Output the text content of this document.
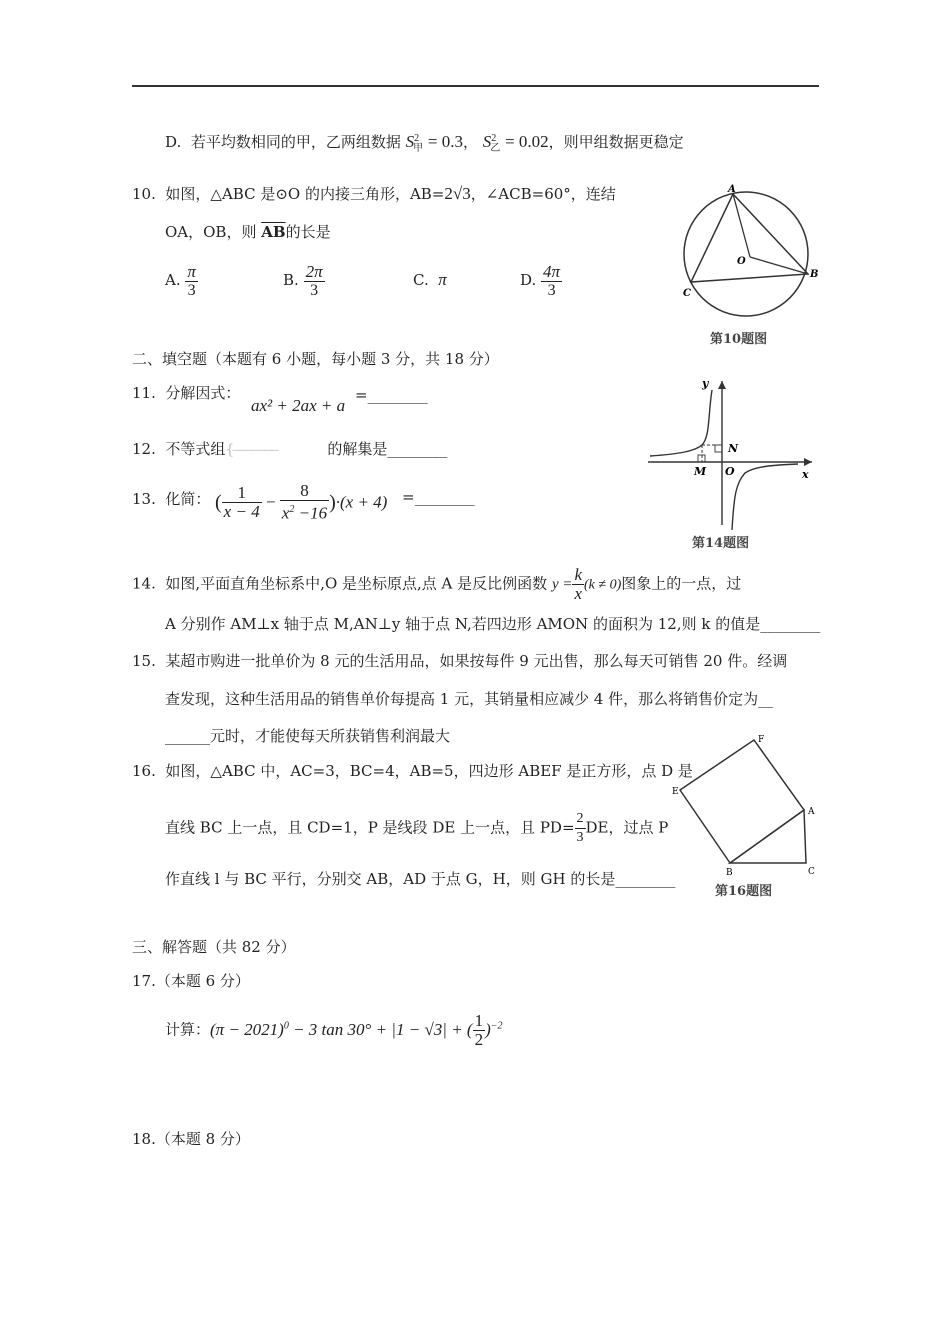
D. 若平均数相同的甲，乙两组数据 $S^2_甲 = 0.3$， $S^2_乙 = 0.02$，则甲组数据更稳定
10. 如图，△ABC 是⊙O 的内接三角形，AB=2√3，∠ACB=60°，连结
OA，OB，则 $\overline{AB}$的长是
A. $\frac{\pi}{3}$	B. $\frac{2\pi}{3}$	C. π	D. $\frac{4\pi}{3}$
A
B
C
O
第10题图
二、填空题（本题有 6 小题，每小题 3 分，共 18 分）
11. 分解因式：
ax² + 2ax + a
=________
12. 不等式组{ ̶ ̶ ̶ ̶ ̶ ̶ ̶	的解集是________
13. 化简： ( $\frac{1}{x - 4} - \frac{8}{x^2 -16} )\cdot(x + 4)$ =________
y
x
N
M O
第14题图
14. 如图,平面直角坐标系中,O 是坐标原点,点 A 是反比例函数 $y = \frac{k}{x} (k \ne 0)$图象上的一点，过
A 分别作 AM⊥x 轴于点 M,AN⊥y 轴于点 N,若四边形 AMON 的面积为 12,则 k 的值是________
15. 某超市购进一批单价为 8 元的生活用品，如果按每件 9 元出售，那么每天可销售 20 件。经调
查发现，这种生活用品的销售单价每提高 1 元，其销量相应减少 4 件，那么将销售价定为__
______元时，才能使每天所获销售利润最大
16. 如图，△ABC 中，AC=3，BC=4，AB=5，四边形 ABEF 是正方形，点 D 是
直线 BC 上一点，且 CD=1，P 是线段 DE 上一点，且 $PD= \frac{2}{3}$ DE，过点 P
作直线 l 与 BC 平行，分别交 AB，AD 于点 G，H，则 GH 的长是________
E
F
A
B	C
第16题图
三、解答题（共 82 分）
17.（本题 6 分）
计算：$(\pi - 2021)^0 - 3$ tan 30° + |1 − √3| + ( $\frac{1}{2} )^{-2}$
18.（本题 8 分）
